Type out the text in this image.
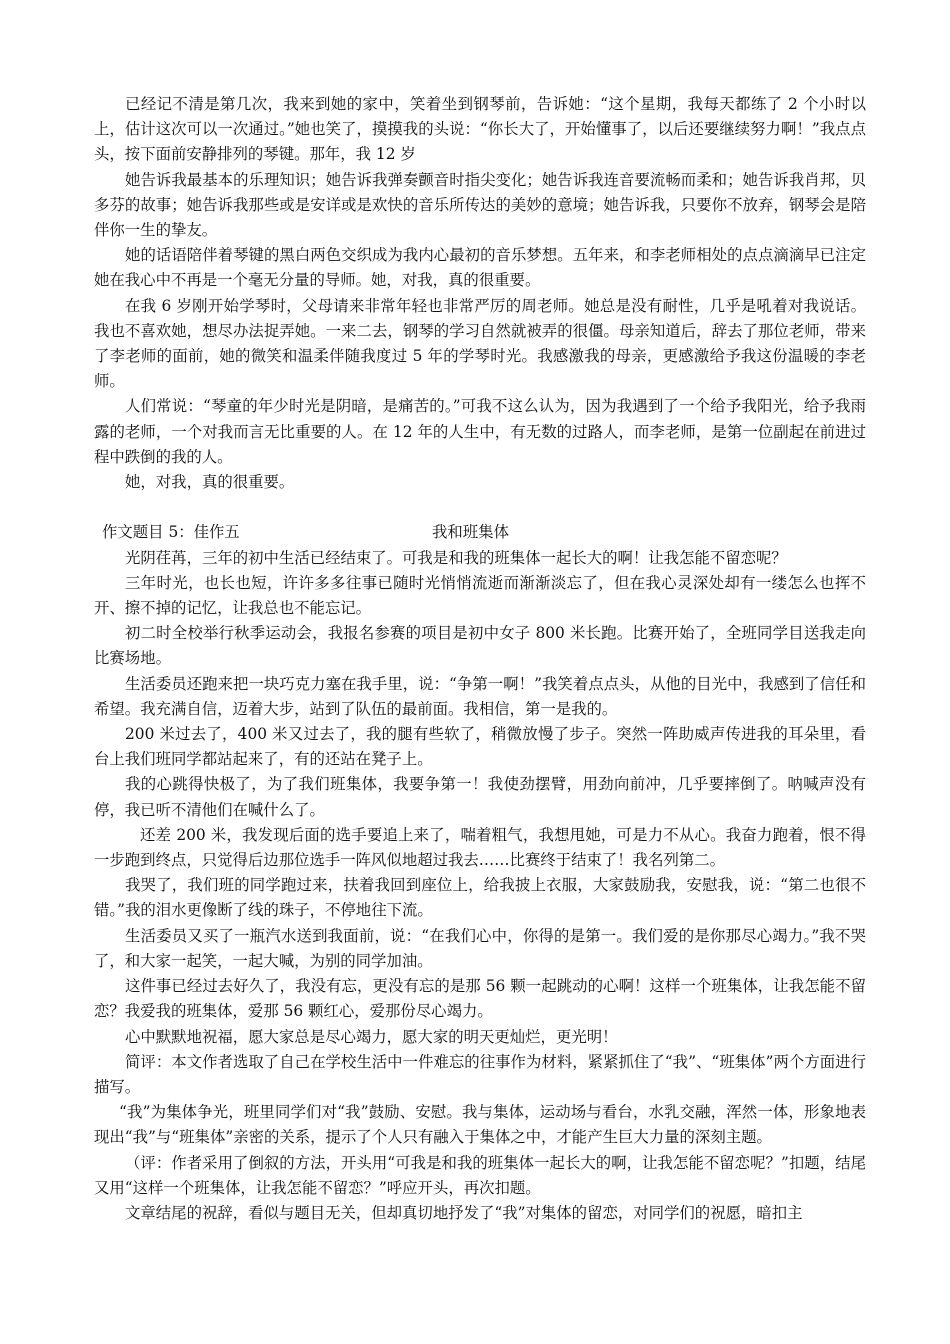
已经记不清是第几次，我来到她的家中，笑着坐到钢琴前，告诉她：“这个星期，我每天都练了 2 个小时以上，估计这次可以一次通过。”她也笑了，摸摸我的头说：“你长大了，开始懂事了，以后还要继续努力啊！”我点点头，按下面前安静排列的琴键。那年，我 12 岁

她告诉我最基本的乐理知识；她告诉我弹奏颤音时指尖变化；她告诉我连音要流畅而柔和；她告诉我肖邦，贝多芬的故事；她告诉我那些或是安详或是欢快的音乐所传达的美妙的意境；她告诉我，只要你不放弃，钢琴会是陪伴你一生的挚友。

她的话语陪伴着琴键的黑白两色交织成为我内心最初的音乐梦想。五年来，和李老师相处的点点滴滴早已注定她在我心中不再是一个毫无分量的导师。她，对我，真的很重要。

在我 6 岁刚开始学琴时，父母请来非常年轻也非常严厉的周老师。她总是没有耐性，几乎是吼着对我说话。我也不喜欢她，想尽办法捉弄她。一来二去，钢琴的学习自然就被弄的很僵。母亲知道后，辞去了那位老师，带来了李老师的面前，她的微笑和温柔伴随我度过 5 年的学琴时光。我感激我的母亲，更感激给予我这份温暖的李老师。

人们常说：“琴童的年少时光是阴暗，是痛苦的。”可我不这么认为，因为我遇到了一个给予我阳光，给予我雨露的老师，一个对我而言无比重要的人。在 12 年的人生中，有无数的过路人，而李老师，是第一位副起在前进过程中跌倒的我的人。

她，对我，真的很重要。

作文题目 5：佳作五	我和班集体

光阴荏苒，三年的初中生活已经结束了。可我是和我的班集体一起长大的啊！让我怎能不留恋呢？

三年时光，也长也短，许许多多往事已随时光悄悄流逝而渐渐淡忘了，但在我心灵深处却有一缕怎么也挥不开、擦不掉的记忆，让我总也不能忘记。

初二时全校举行秋季运动会，我报名参赛的项目是初中女子 800 米长跑。比赛开始了，全班同学目送我走向比赛场地。

生活委员还跑来把一块巧克力塞在我手里，说：“争第一啊！”我笑着点点头，从他的目光中，我感到了信任和希望。我充满自信，迈着大步，站到了队伍的最前面。我相信，第一是我的。

200 米过去了，400 米又过去了，我的腿有些软了，稍微放慢了步子。突然一阵助威声传进我的耳朵里，看台上我们班同学都站起来了，有的还站在凳子上。

我的心跳得快极了，为了我们班集体，我要争第一！我使劲摆臂，用劲向前冲，几乎要摔倒了。呐喊声没有停，我已听不清他们在喊什么了。

还差 200 米，我发现后面的选手要追上来了，喘着粗气，我想甩她，可是力不从心。我奋力跑着，恨不得一步跑到终点，只觉得后边那位选手一阵风似地超过我去……比赛终于结束了！我名列第二。

我哭了，我们班的同学跑过来，扶着我回到座位上，给我披上衣服，大家鼓励我，安慰我，说：“第二也很不错。”我的泪水更像断了线的珠子，不停地往下流。

生活委员又买了一瓶汽水送到我面前，说：“在我们心中，你得的是第一。我们爱的是你那尽心竭力。”我不哭了，和大家一起笑，一起大喊，为别的同学加油。

这件事已经过去好久了，我没有忘，更没有忘的是那 56 颗一起跳动的心啊！这样一个班集体，让我怎能不留恋？我爱我的班集体，爱那 56 颗红心，爱那份尽心竭力。

心中默默地祝福，愿大家总是尽心竭力，愿大家的明天更灿烂，更光明！

简评：本文作者选取了自己在学校生活中一件难忘的往事作为材料，紧紧抓住了“我”、“班集体”两个方面进行描写。

“我”为集体争光，班里同学们对“我”鼓励、安慰。我与集体，运动场与看台，水乳交融，浑然一体，形象地表现出“我”与“班集体”亲密的关系，提示了个人只有融入于集体之中，才能产生巨大力量的深刻主题。

（评：作者采用了倒叙的方法，开头用“可我是和我的班集体一起长大的啊，让我怎能不留恋呢？”扣题，结尾又用“这样一个班集体，让我怎能不留恋？”呼应开头，再次扣题。

文章结尾的祝辞，看似与题目无关，但却真切地抒发了“我”对集体的留恋，对同学们的祝愿，暗扣主
